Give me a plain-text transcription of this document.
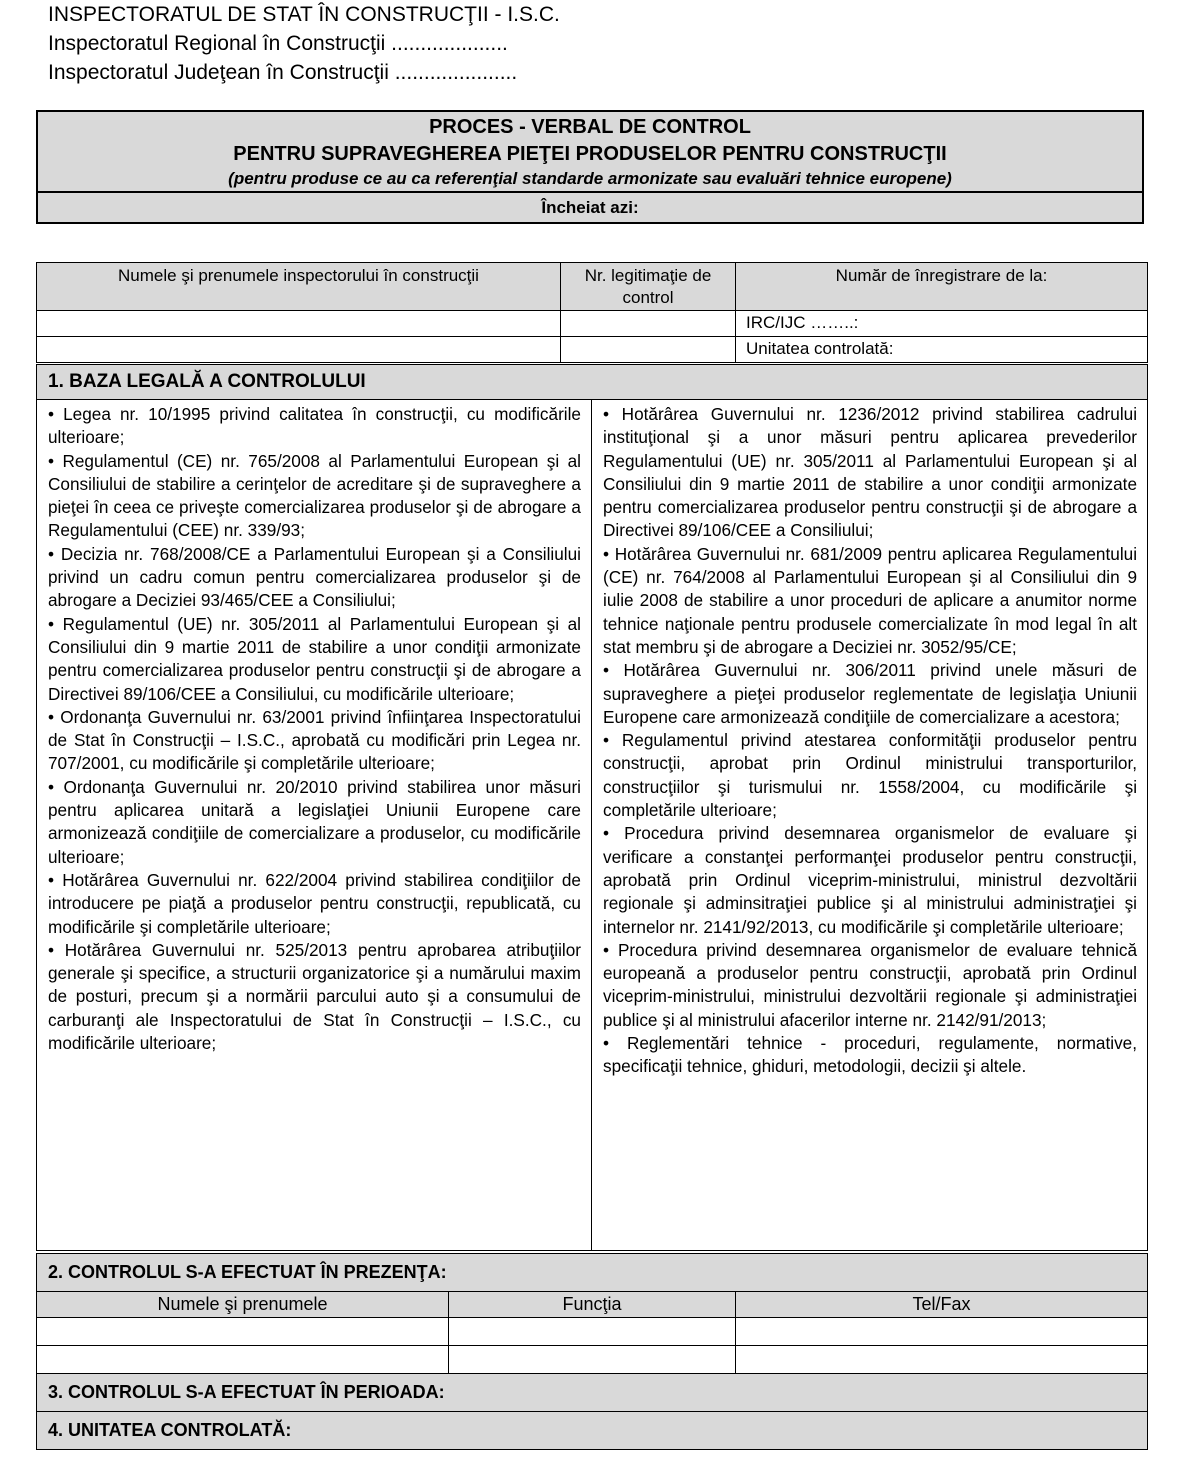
INSPECTORATUL DE STAT ÎN CONSTRUCŢII - I.S.C.
Inspectoratul Regional în Construcţii ....................
Inspectoratul Judeţean în Construcţii .....................
PROCES - VERBAL DE CONTROL
PENTRU SUPRAVEGHEREA PIEŢEI PRODUSELOR PENTRU CONSTRUCŢII
(pentru produse ce au ca referenţial standarde armonizate sau evaluări tehnice europene)
Încheiat azi:
Numele şi prenumele inspectorului în construcţii	Nr. legitimaţie de control	Număr de înregistrare de la:
		IRC/IJC ……..:
		Unitatea controlată:
1. BAZA LEGALĂ A CONTROLULUI

• Legea nr. 10/1995 privind calitatea în construcţii, cu modificările ulterioare;

• Regulamentul (CE) nr. 765/2008 al Parlamentului European şi al Consiliului de stabilire a cerinţelor de acreditare şi de supraveghere a pieţei în ceea ce priveşte comercializarea produselor şi de abrogare a Regulamentului (CEE) nr. 339/93;

• Decizia nr. 768/2008/CE a Parlamentului European şi a Consiliului privind un cadru comun pentru comercializarea produselor şi de abrogare a Deciziei 93/465/CEE a Consiliului;

• Regulamentul (UE) nr. 305/2011 al Parlamentului European şi al Consiliului din 9 martie 2011 de stabilire a unor condiţii armonizate pentru comercializarea produselor pentru construcţii şi de abrogare a Directivei 89/106/CEE a Consiliului, cu modificările ulterioare;

• Ordonanţa Guvernului nr. 63/2001 privind înfiinţarea Inspectoratului de Stat în Construcţii – I.S.C., aprobată cu modificări prin Legea nr. 707/2001, cu modificările şi completările ulterioare;

• Ordonanţa Guvernului nr. 20/2010 privind stabilirea unor măsuri pentru aplicarea unitară a legislaţiei Uniunii Europene care armonizează condiţiile de comercializare a produselor, cu modificările ulterioare;

• Hotărârea Guvernului nr. 622/2004 privind stabilirea condiţiilor de introducere pe piaţă a produselor pentru construcţii, republicată, cu modificările şi completările ulterioare;

• Hotărârea Guvernului nr. 525/2013 pentru aprobarea atribuţiilor generale şi specifice, a structurii organizatorice şi a numărului maxim de posturi, precum şi a normării parcului auto şi a consumului de carburanţi ale Inspectoratului de Stat în Construcţii – I.S.C., cu modificările ulterioare;

• Hotărârea Guvernului nr. 1236/2012 privind stabilirea cadrului instituţional şi a unor măsuri pentru aplicarea prevederilor Regulamentului (UE) nr. 305/2011 al Parlamentului European şi al Consiliului din 9 martie 2011 de stabilire a unor condiţii armonizate pentru comercializarea produselor pentru construcţii şi de abrogare a Directivei 89/106/CEE a Consiliului;

• Hotărârea Guvernului nr. 681/2009 pentru aplicarea Regulamentului (CE) nr. 764/2008 al Parlamentului European şi al Consiliului din 9 iulie 2008 de stabilire a unor proceduri de aplicare a anumitor norme tehnice naţionale pentru produsele comercializate în mod legal în alt stat membru şi de abrogare a Deciziei nr. 3052/95/CE;

• Hotărârea Guvernului nr. 306/2011 privind unele măsuri de supraveghere a pieţei produselor reglementate de legislaţia Uniunii Europene care armonizează condiţiile de comercializare a acestora;

• Regulamentul privind atestarea conformităţii produselor pentru construcţii, aprobat prin Ordinul ministrului transporturilor, construcţiilor şi turismului nr. 1558/2004, cu modificările şi completările ulterioare;

• Procedura privind desemnarea organismelor de evaluare şi verificare a constanţei performanţei produselor pentru construcţii, aprobată prin Ordinul viceprim-ministrului, ministrul dezvoltării regionale şi adminsitraţiei publice şi al ministrului administraţiei şi internelor nr. 2141/92/2013, cu modificările şi completările ulterioare;

• Procedura privind desemnarea organismelor de evaluare tehnică europeană a produselor pentru construcţii, aprobată prin Ordinul viceprim-ministrului, ministrului dezvoltării regionale şi administraţiei publice şi al ministrului afacerilor interne nr. 2142/91/2013;

• Reglementări tehnice - proceduri, regulamente, normative, specificaţii tehnice, ghiduri, metodologii, decizii şi altele.

2. CONTROLUL S-A EFECTUAT ÎN PREZENŢA:		
Numele şi prenumele	Funcţia	Tel/Fax

3. CONTROLUL S-A EFECTUAT ÎN PERIOADA:		
4. UNITATEA CONTROLATĂ:		
